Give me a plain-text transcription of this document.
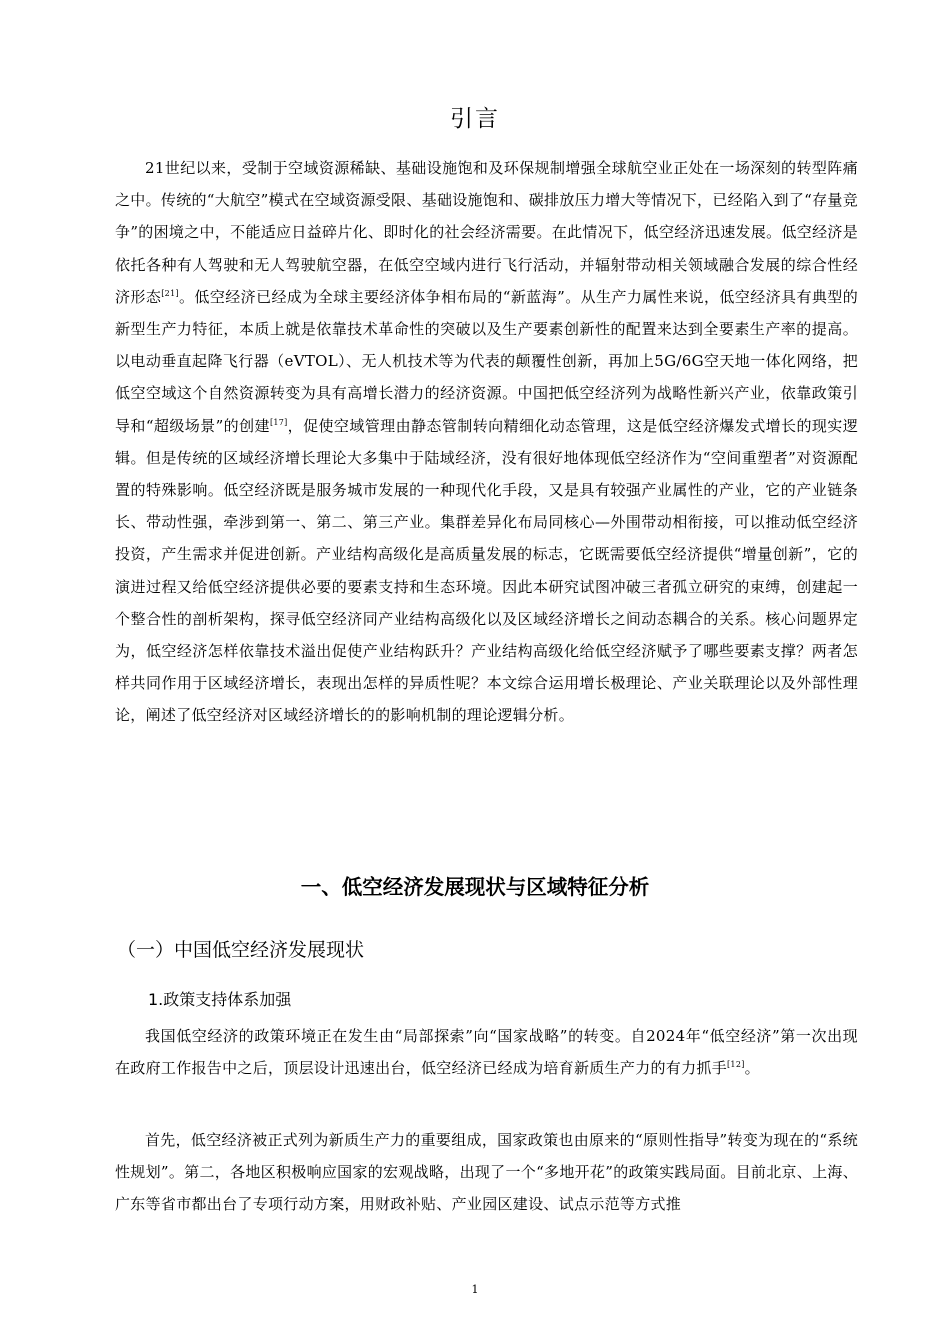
引言

21世纪以来，受制于空域资源稀缺、基础设施饱和及环保规制增强全球航空业正处在一场深刻的转型阵痛之中。传统的“大航空”模式在空域资源受限、基础设施饱和、碳排放压力增大等情况下，已经陷入到了“存量竞争”的困境之中，不能适应日益碎片化、即时化的社会经济需要。在此情况下，低空经济迅速发展。低空经济是依托各种有人驾驶和无人驾驶航空器，在低空空域内进行飞行活动，并辐射带动相关领域融合发展的综合性经济形态[21]。低空经济已经成为全球主要经济体争相布局的“新蓝海”。从生产力属性来说，低空经济具有典型的新型生产力特征，本质上就是依靠技术革命性的突破以及生产要素创新性的配置来达到全要素生产率的提高。以电动垂直起降飞行器（eVTOL）、无人机技术等为代表的颠覆性创新，再加上5G/6G空天地一体化网络，把低空空域这个自然资源转变为具有高增长潜力的经济资源。中国把低空经济列为战略性新兴产业，依靠政策引导和“超级场景”的创建[17]，促使空域管理由静态管制转向精细化动态管理，这是低空经济爆发式增长的现实逻辑。但是传统的区域经济增长理论大多集中于陆域经济，没有很好地体现低空经济作为“空间重塑者”对资源配置的特殊影响。低空经济既是服务城市发展的一种现代化手段，又是具有较强产业属性的产业，它的产业链条长、带动性强，牵涉到第一、第二、第三产业。集群差异化布局同核心—外围带动相衔接，可以推动低空经济投资，产生需求并促进创新。产业结构高级化是高质量发展的标志，它既需要低空经济提供“增量创新”，它的演进过程又给低空经济提供必要的要素支持和生态环境。因此本研究试图冲破三者孤立研究的束缚，创建起一个整合性的剖析架构，探寻低空经济同产业结构高级化以及区域经济增长之间动态耦合的关系。核心问题界定为，低空经济怎样依靠技术溢出促使产业结构跃升？产业结构高级化给低空经济赋予了哪些要素支撑？两者怎样共同作用于区域经济增长，表现出怎样的异质性呢？本文综合运用增长极理论、产业关联理论以及外部性理论，阐述了低空经济对区域经济增长的的影响机制的理论逻辑分析。

一、低空经济发展现状与区域特征分析
（一）中国低空经济发展现状
1.政策支持体系加强

我国低空经济的政策环境正在发生由“局部探索”向“国家战略”的转变。自2024年“低空经济”第一次出现在政府工作报告中之后，顶层设计迅速出台，低空经济已经成为培育新质生产力的有力抓手[12]。

首先，低空经济被正式列为新质生产力的重要组成，国家政策也由原来的“原则性指导”转变为现在的“系统性规划”。第二，各地区积极响应国家的宏观战略，出现了一个“多地开花”的政策实践局面。目前北京、上海、广东等省市都出台了专项行动方案，用财政补贴、产业园区建设、试点示范等方式推

1
